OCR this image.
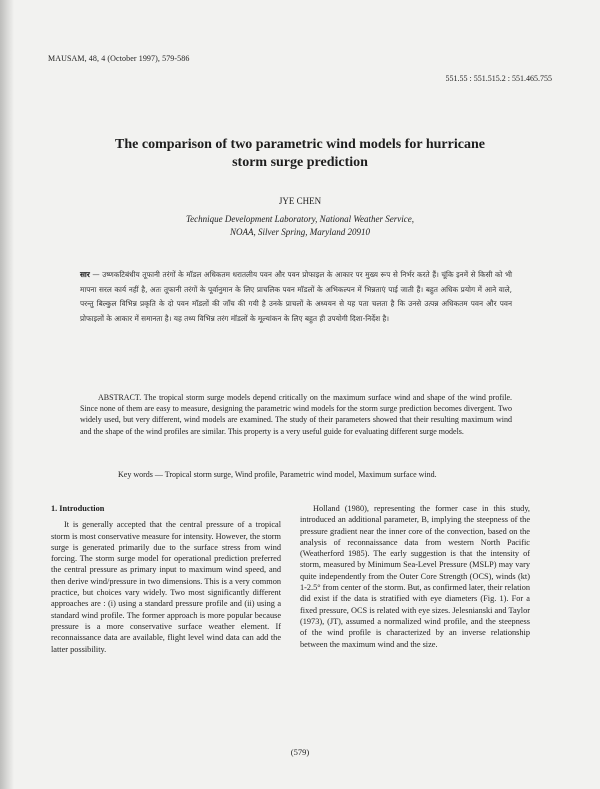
MAUSAM, 48, 4 (October 1997), 579-586
551.55 : 551.515.2 : 551.465.755
The comparison of two parametric wind models for hurricane
storm surge prediction
JYE CHEN
Technique Development Laboratory, National Weather Service,
NOAA, Silver Spring, Maryland 20910
सार — उष्णकटिबंधीय तूफानी तरंगों के मॉडल अधिकतम धरातलीय पवन और पवन प्रोफाइल के आकार पर मुख्य रूप से निर्भर करते हैं। चूंकि इनमें से किसी को भी मापना सरल कार्य नहीं है, अतः तूफानी तरंगों के पूर्वानुमान के लिए प्राचलिक पवन मॉडलों के अभिकल्पन में भिन्नताएं पाई जाती हैं। बहुत अधिक प्रयोग में आने वाले, परन्तु बिल्कुल विभिन्न प्रकृति के दो पवन मॉडलों की जाँच की गयी है उनके प्राचलों के अध्ययन से यह पता चलता है कि उनसे उत्पन्न अधिकतम पवन और पवन प्रोफाइलों के आकार में समानता है। यह तथ्य विभिन्न तरंग मॉडलों के मूल्यांकन के लिए बहुत ही उपयोगी दिशा-निर्देश है।
ABSTRACT. The tropical storm surge models depend critically on the maximum surface wind and shape of the wind profile. Since none of them are easy to measure, designing the parametric wind models for the storm surge prediction becomes divergent. Two widely used, but very different, wind models are examined. The study of their parameters showed that their resulting maximum wind and the shape of the wind profiles are similar. This property is a very useful guide for evaluating different surge models.
Key words — Tropical storm surge, Wind profile, Parametric wind model, Maximum surface wind.
1. Introduction

It is generally accepted that the central pressure of a tropical storm is most conservative measure for intensity. However, the storm surge is generated primarily due to the surface stress from wind forcing. The storm surge model for operational prediction preferred the central pressure as primary input to maximum wind speed, and then derive wind/pressure in two dimensions. This is a very common practice, but choices vary widely. Two most significantly different approaches are : (i) using a standard pressure profile and (ii) using a standard wind profile. The former approach is more popular because pressure is a more conservative surface weather element. If reconnaissance data are available, flight level wind data can add the latter possibility.

Holland (1980), representing the former case in this study, introduced an additional parameter, B, implying the steepness of the pressure gradient near the inner core of the convection, based on the analysis of reconnaissance data from western North Pacific (Weatherford 1985). The early suggestion is that the intensity of storm, measured by Minimum Sea-Level Pressure (MSLP) may vary quite independently from the Outer Core Strength (OCS), winds (kt) 1-2.5° from center of the storm. But, as confirmed later, their relation did exist if the data is stratified with eye diameters (Fig. 1). For a fixed pressure, OCS is related with eye sizes. Jelesnianski and Taylor (1973), (JT), assumed a normalized wind profile, and the steepness of the wind profile is characterized by an inverse relationship between the maximum wind and the size.

(579)
